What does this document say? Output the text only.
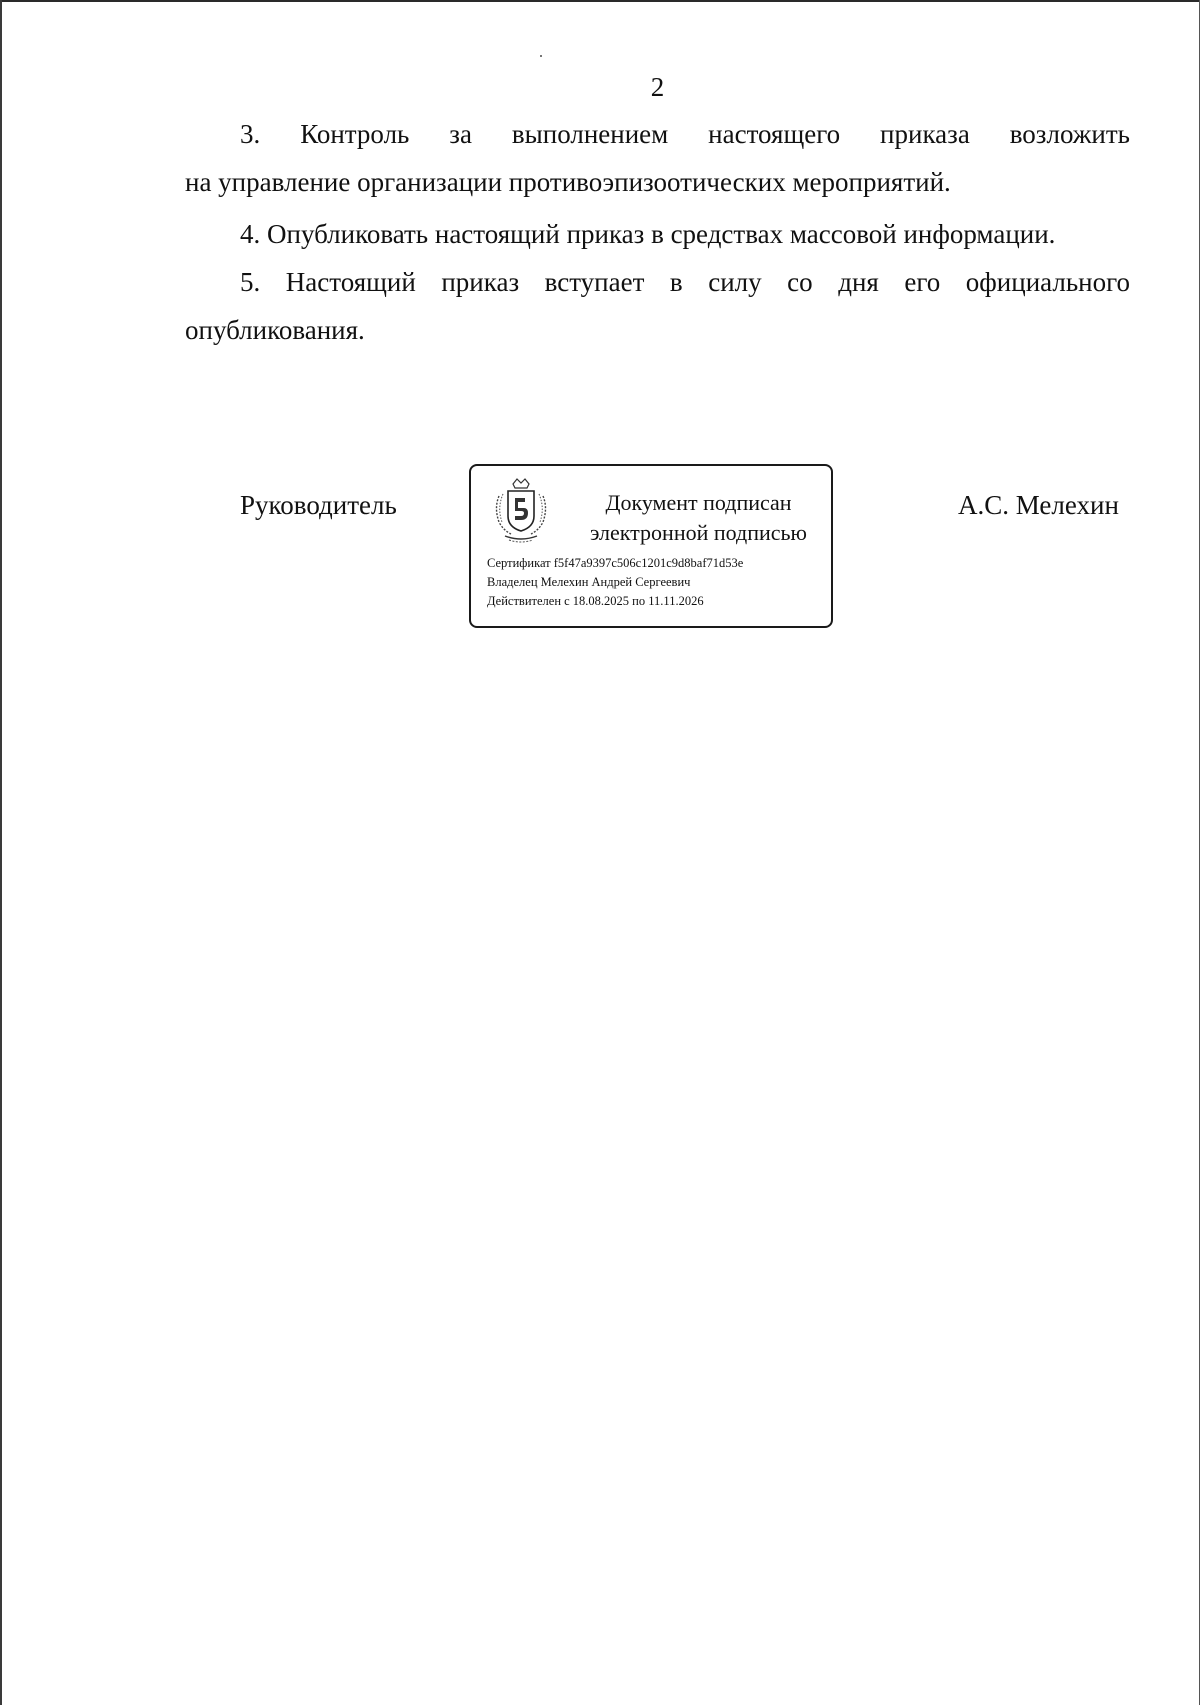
2
3. Контроль за выполнением настоящего приказа возложить
на управление организации противоэпизоотических мероприятий.
4. Опубликовать настоящий приказ в средствах массовой информации.
5. Настоящий приказ вступает в силу со дня его официального
опубликования.
Руководитель	Документ подписан
электронной подписью
Сертификат f5f47a9397c506c1201c9d8baf71d53e
Владелец Мелехин Андрей Сергеевич
Действителен с 18.08.2025 по 11.11.2026
А.С. Мелехин
